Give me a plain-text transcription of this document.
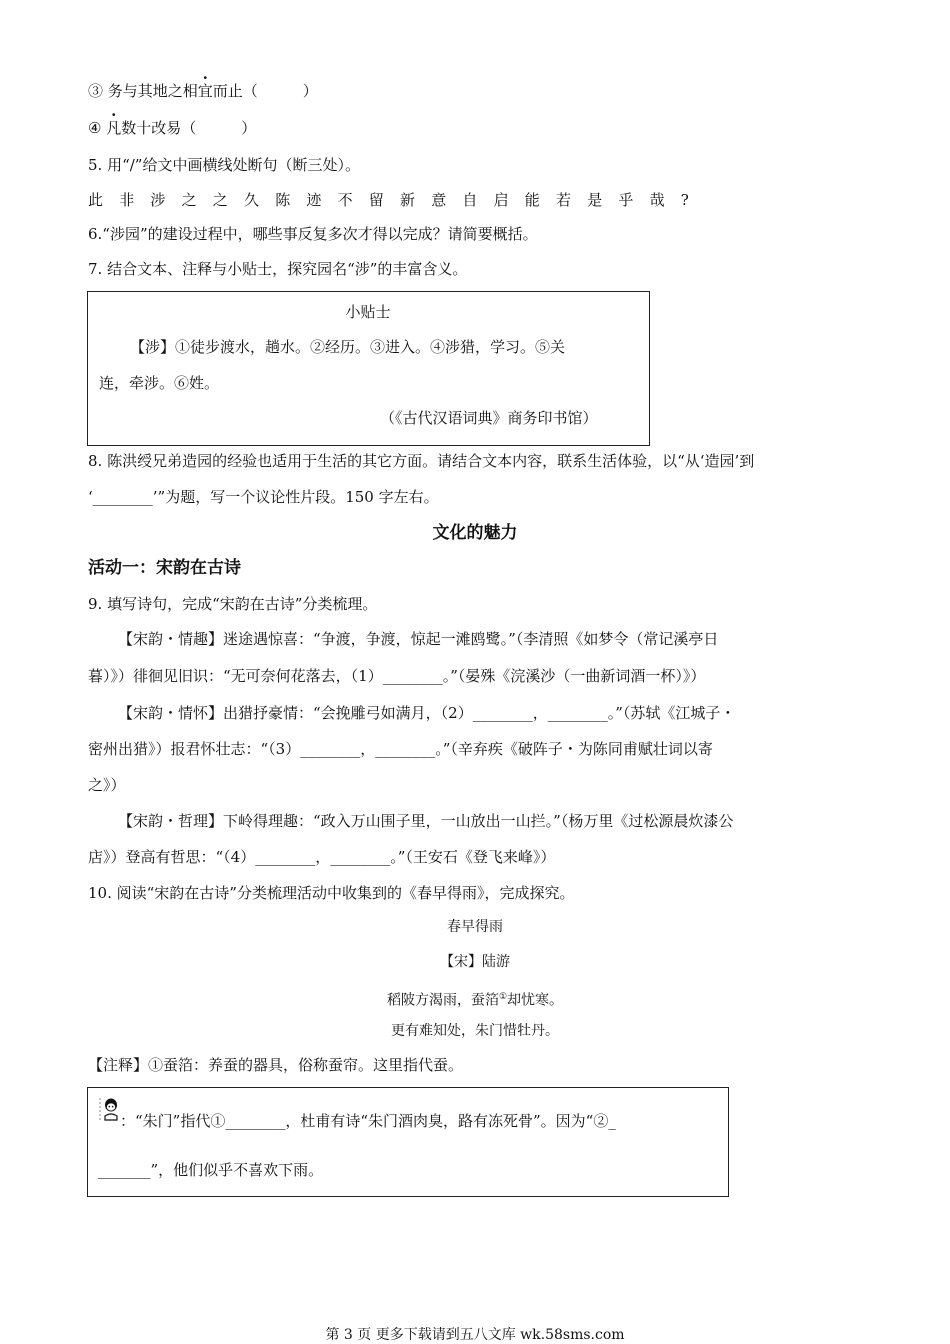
③ 务与其地之相宜而止（　　　）
④ 凡数十改易（　　　）
5. 用“/”给文中画横线处断句（断三处）。
此非涉之之久陈迹不留新意自启能若是乎哉?
6.“涉园”的建设过程中，哪些事反复多次才得以完成？请简要概括。
7. 结合文本、注释与小贴士，探究园名“涉”的丰富含义。
小贴士
【涉】①徒步渡水，趟水。②经历。③进入。④涉猎，学习。⑤关
连，牵涉。⑥姓。
（《古代汉语词典》商务印书馆）
8. 陈洪绶兄弟造园的经验也适用于生活的其它方面。请结合文本内容，联系生活体验，以“从‘造园’到
‘________’”为题，写一个议论性片段。150 字左右。
文化的魅力
活动一：宋韵在古诗
9. 填写诗句，完成“宋韵在古诗”分类梳理。
【宋韵・情趣】迷途遇惊喜：“争渡，争渡，惊起一滩鸥鹭。”（李清照《如梦令（常记溪亭日
暮）》）徘徊见旧识：“无可奈何花落去，（1）________。”（晏殊《浣溪沙（一曲新词酒一杯）》）
【宋韵・情怀】出猎抒豪情：“会挽雕弓如满月，（2）________，________。”（苏轼《江城子・
密州出猎》）报君怀壮志：“（3）________，________。”（辛弃疾《破阵子・为陈同甫赋壮词以寄
之》）
【宋韵・哲理】下岭得理趣：“政入万山围子里，一山放出一山拦。”（杨万里《过松源晨炊漆公
店》）登高有哲思：“（4）________，________。”（王安石《登飞来峰》）
10. 阅读“宋韵在古诗”分类梳理活动中收集到的《春早得雨》，完成探究。
春早得雨
【宋】陆游
稻陂方渴雨，蚕箔①却忧寒。
更有难知处，朱门惜牡丹。
【注释】①蚕箔：养蚕的器具，俗称蚕帘。这里指代蚕。
：“朱门”指代①________，杜甫有诗“朱门酒肉臭，路有冻死骨”。因为“②_
_______”，他们似乎不喜欢下雨。
第 3 页 更多下载请到五八文库 wk.58sms.com
